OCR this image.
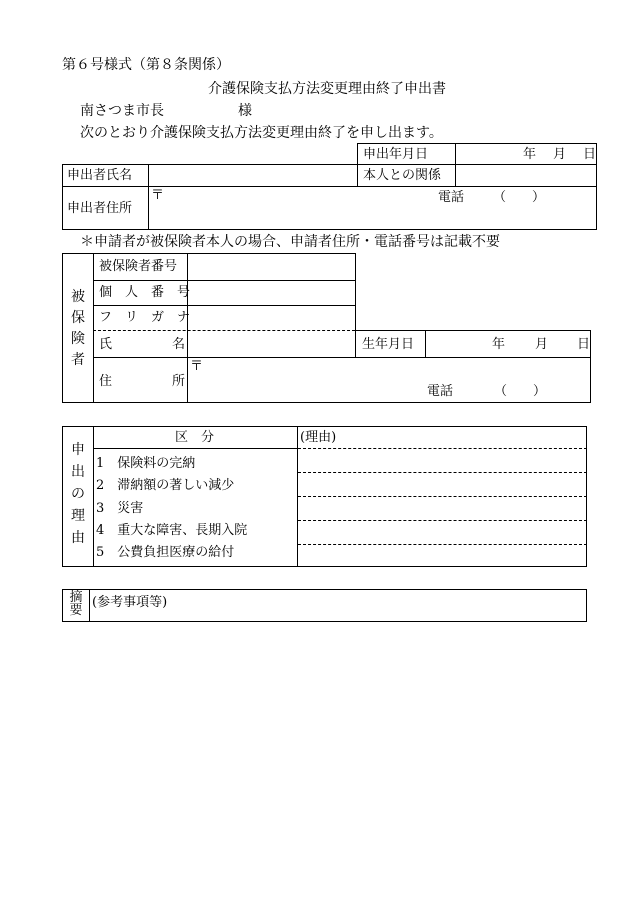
第６号様式（第８条関係）
介護保険支払方法変更理由終了申出書
南さつま市長	様
次のとおり介護保険支払方法変更理由終了を申し出ます。
申出年月日	年 月 日
申出者氏名	本人との関係
申出者住所
〒	電話 （　　）
＊申請者が被保険者本人の場合、申請者住所・電話番号は記載不要
被
保
険
者
被保険者番号
個　人　番　号
フ　リ　ガ　ナ
氏	名	生年月日	年 月 日
住	所
〒
電話	（　　）
申
出
の
理
由
区　分	(理由)
1　保険料の完納
2　滞納額の著しい減少
3　災害
4　重大な障害、長期入院
5　公費負担医療の給付
摘
要
(参考事項等)
